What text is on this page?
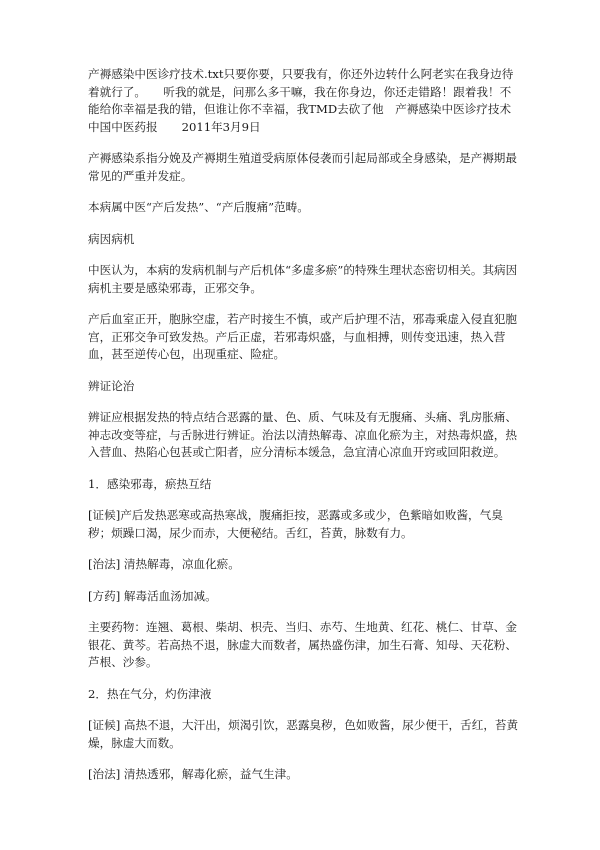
产褥感染中医诊疗技术.txt只要你要，只要我有，你还外边转什么阿老实在我身边待着就行了。　　听我的就是，问那么多干嘛，我在你身边，你还走错路！跟着我！不能给你幸福是我的错，但谁让你不幸福，我TMD去砍了他　产褥感染中医诊疗技术

中国中医药报 2011年3月9日

产褥感染系指分娩及产褥期生殖道受病原体侵袭而引起局部或全身感染，是产褥期最常见的严重并发症。

本病属中医“产后发热”、“产后腹痛”范畴。

病因病机

中医认为，本病的发病机制与产后机体“多虚多瘀”的特殊生理状态密切相关。其病因病机主要是感染邪毒，正邪交争。

产后血室正开，胞脉空虚，若产时接生不慎，或产后护理不洁，邪毒乘虚入侵直犯胞宫，正邪交争可致发热。产后正虚，若邪毒炽盛，与血相搏，则传变迅速，热入营血，甚至逆传心包，出现重症、险症。

辨证论治

辨证应根据发热的特点结合恶露的量、色、质、气味及有无腹痛、头痛、乳房胀痛、神志改变等症，与舌脉进行辨证。治法以清热解毒、凉血化瘀为主，对热毒炽盛，热入营血、热陷心包甚或亡阳者，应分清标本缓急，急宜清心凉血开窍或回阳救逆。

1．感染邪毒，瘀热互结

[证候]产后发热恶寒或高热寒战，腹痛拒按，恶露或多或少，色紫暗如败酱，气臭秽；烦躁口渴，尿少而赤，大便秘结。舌红，苔黄，脉数有力。

[治法] 清热解毒，凉血化瘀。

[方药] 解毒活血汤加减。

主要药物：连翘、葛根、柴胡、枳壳、当归、赤芍、生地黄、红花、桃仁、甘草、金银花、黄芩。若高热不退，脉虚大而数者，属热盛伤津，加生石膏、知母、天花粉、芦根、沙参。

2．热在气分，灼伤津液

[证候] 高热不退，大汗出，烦渴引饮，恶露臭秽，色如败酱，尿少便干，舌红，苔黄燥，脉虚大而数。

[治法] 清热透邪，解毒化瘀，益气生津。
